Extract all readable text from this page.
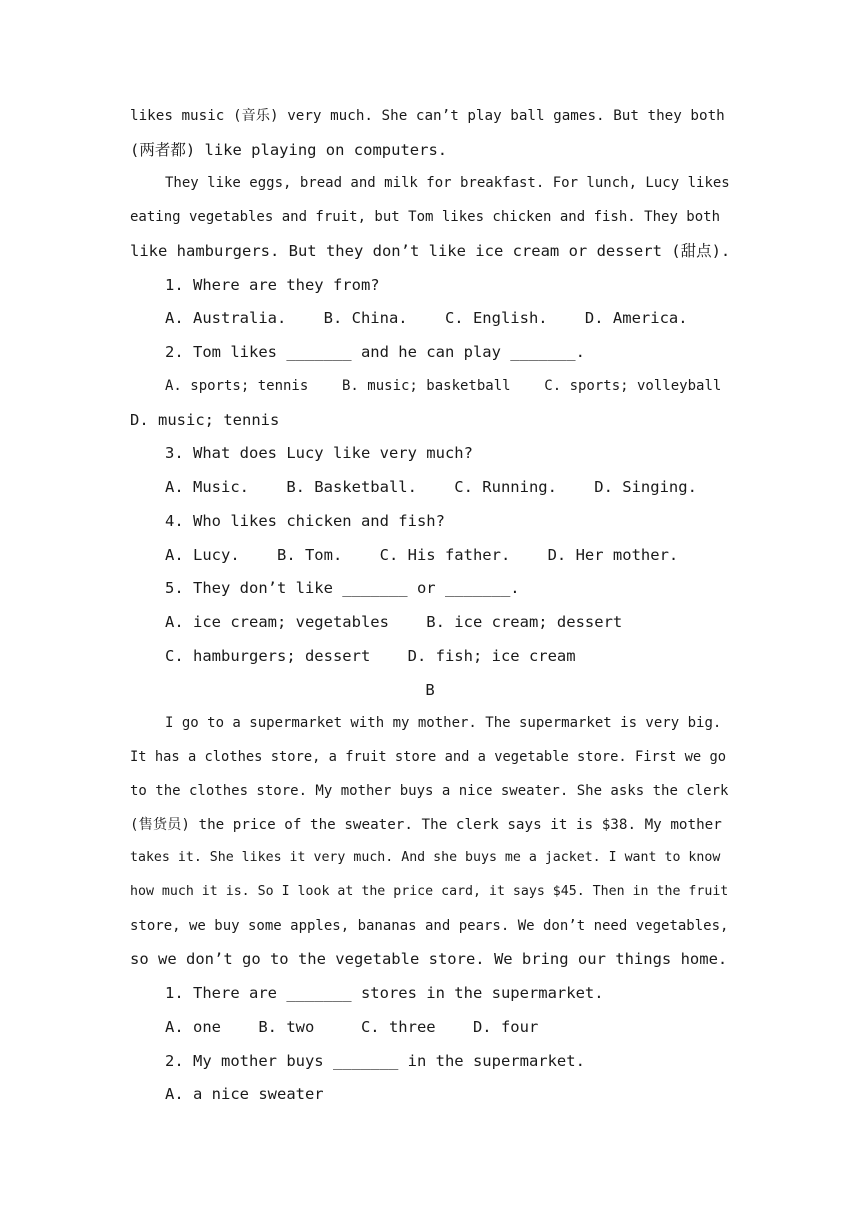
likes music (音乐) very much. She can’t play ball games. But they both
(两者都) like playing on computers.
They like eggs, bread and milk for breakfast. For lunch, Lucy likes
eating vegetables and fruit, but Tom likes chicken and fish. They both
like hamburgers. But they don’t like ice cream or dessert (甜点).
1. Where are they from?
A. Australia.    B. China.    C. English.    D. America.
2. Tom likes _______ and he can play _______.
A. sports; tennis    B. music; basketball    C. sports; volleyball
D. music; tennis
3. What does Lucy like very much?
A. Music.    B. Basketball.    C. Running.    D. Singing.
4. Who likes chicken and fish?
A. Lucy.    B. Tom.    C. His father.    D. Her mother.
5. They don’t like _______ or _______.
A. ice cream; vegetables    B. ice cream; dessert
C. hamburgers; dessert    D. fish; ice cream
B
I go to a supermarket with my mother. The supermarket is very big.
It has a clothes store, a fruit store and a vegetable store. First we go
to the clothes store. My mother buys a nice sweater. She asks the clerk
(售货员) the price of the sweater. The clerk says it is $38. My mother
takes it. She likes it very much. And she buys me a jacket. I want to know
how much it is. So I look at the price card, it says $45. Then in the fruit
store, we buy some apples, bananas and pears. We don’t need vegetables,
so we don’t go to the vegetable store. We bring our things home.
1. There are _______ stores in the supermarket.
A. one    B. two     C. three    D. four
2. My mother buys _______ in the supermarket.
A. a nice sweater
